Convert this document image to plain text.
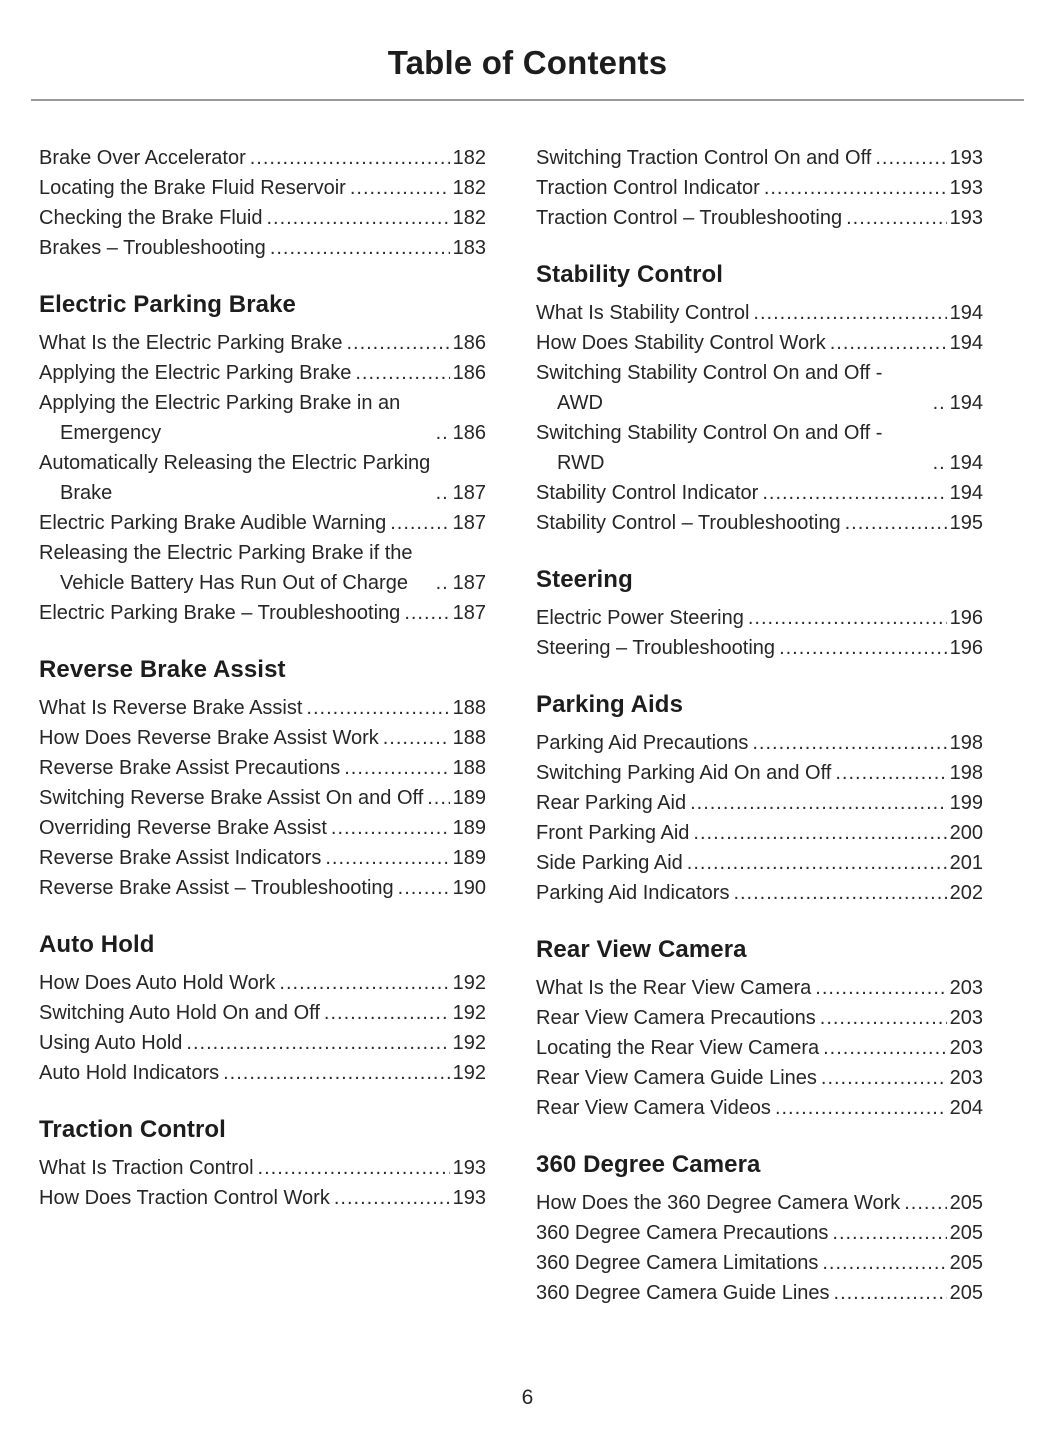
Table of Contents
Brake Over Accelerator .....	182
Locating the Brake Fluid Reservoir .....	182
Checking the Brake Fluid .....	182
Brakes – Troubleshooting .....	183
Electric Parking Brake
What Is the Electric Parking Brake .....	186
Applying the Electric Parking Brake .....	186
Applying the Electric Parking Brake in an Emergency .....	186
Automatically Releasing the Electric Parking Brake .....	187
Electric Parking Brake Audible Warning .....	187
Releasing the Electric Parking Brake if the Vehicle Battery Has Run Out of Charge .....	187
Electric Parking Brake – Troubleshooting .....	187
Reverse Brake Assist
What Is Reverse Brake Assist .....	188
How Does Reverse Brake Assist Work .....	188
Reverse Brake Assist Precautions .....	188
Switching Reverse Brake Assist On and Off ..... 189
Overriding Reverse Brake Assist .....	189
Reverse Brake Assist Indicators .....	189
Reverse Brake Assist – Troubleshooting .....	190
Auto Hold
How Does Auto Hold Work .....	192
Switching Auto Hold On and Off .....	192
Using Auto Hold .....	192
Auto Hold Indicators .....	192
Traction Control
What Is Traction Control .....	193
How Does Traction Control Work .....	193
Switching Traction Control On and Off .....	193
Traction Control Indicator .....	193
Traction Control – Troubleshooting .....	193
Stability Control
What Is Stability Control .....	194
How Does Stability Control Work .....	194
Switching Stability Control On and Off - AWD .....	194
Switching Stability Control On and Off - RWD .....	194
Stability Control Indicator .....	194
Stability Control – Troubleshooting .....	195
Steering
Electric Power Steering .....	196
Steering – Troubleshooting .....	196
Parking Aids
Parking Aid Precautions .....	198
Switching Parking Aid On and Off .....	198
Rear Parking Aid .....	199
Front Parking Aid .....	200
Side Parking Aid .....	201
Parking Aid Indicators .....	202
Rear View Camera
What Is the Rear View Camera .....	203
Rear View Camera Precautions .....	203
Locating the Rear View Camera .....	203
Rear View Camera Guide Lines .....	203
Rear View Camera Videos .....	204
360 Degree Camera
How Does the 360 Degree Camera Work ..... 205
360 Degree Camera Precautions .....	205
360 Degree Camera Limitations .....	205
360 Degree Camera Guide Lines .....	205
6
